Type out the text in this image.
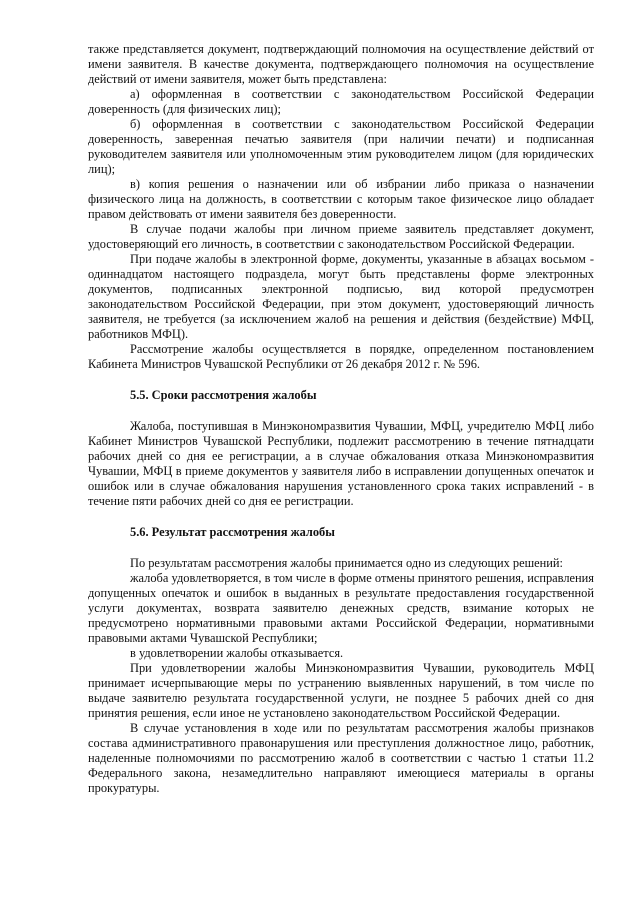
также представляется документ, подтверждающий полномочия на осуществление действий от имени заявителя. В качестве документа, подтверждающего полномочия на осуществление действий от имени заявителя, может быть представлена:

а) оформленная в соответствии с законодательством Российской Федерации доверенность (для физических лиц);

б) оформленная в соответствии с законодательством Российской Федерации доверенность, заверенная печатью заявителя (при наличии печати) и подписанная руководителем заявителя или уполномоченным этим руководителем лицом (для юридических лиц);

в) копия решения о назначении или об избрании либо приказа о назначении физического лица на должность, в соответствии с которым такое физическое лицо обладает правом действовать от имени заявителя без доверенности.

В случае подачи жалобы при личном приеме заявитель представляет документ, удостоверяющий его личность, в соответствии с законодательством Российской Федерации.

При подаче жалобы в электронной форме, документы, указанные в абзацах восьмом - одиннадцатом настоящего подраздела, могут быть представлены форме электронных документов, подписанных электронной подписью, вид которой предусмотрен законодательством Российской Федерации, при этом документ, удостоверяющий личность заявителя, не требуется (за исключением жалоб на решения и действия (бездействие) МФЦ, работников МФЦ).

Рассмотрение жалобы осуществляется в порядке, определенном постановлением Кабинета Министров Чувашской Республики от 26 декабря 2012 г. № 596.

5.5. Сроки рассмотрения жалобы

Жалоба, поступившая в Минэкономразвития Чувашии, МФЦ, учредителю МФЦ либо Кабинет Министров Чувашской Республики, подлежит рассмотрению в течение пятнадцати рабочих дней со дня ее регистрации, а в случае обжалования отказа Минэкономразвития Чувашии, МФЦ в приеме документов у заявителя либо в исправлении допущенных опечаток и ошибок или в случае обжалования нарушения установленного срока таких исправлений - в течение пяти рабочих дней со дня ее регистрации.

5.6. Результат рассмотрения жалобы

По результатам рассмотрения жалобы принимается одно из следующих решений:

жалоба удовлетворяется, в том числе в форме отмены принятого решения, исправления допущенных опечаток и ошибок в выданных в результате предоставления государственной услуги документах, возврата заявителю денежных средств, взимание которых не предусмотрено нормативными правовыми актами Российской Федерации, нормативными правовыми актами Чувашской Республики;

в удовлетворении жалобы отказывается.

При удовлетворении жалобы Минэкономразвития Чувашии, руководитель МФЦ принимает исчерпывающие меры по устранению выявленных нарушений, в том числе по выдаче заявителю результата государственной услуги, не позднее 5 рабочих дней со дня принятия решения, если иное не установлено законодательством Российской Федерации.

В случае установления в ходе или по результатам рассмотрения жалобы признаков состава административного правонарушения или преступления должностное лицо, работник, наделенные полномочиями по рассмотрению жалоб в соответствии с частью 1 статьи 11.2 Федерального закона, незамедлительно направляют имеющиеся материалы в органы прокуратуры.
